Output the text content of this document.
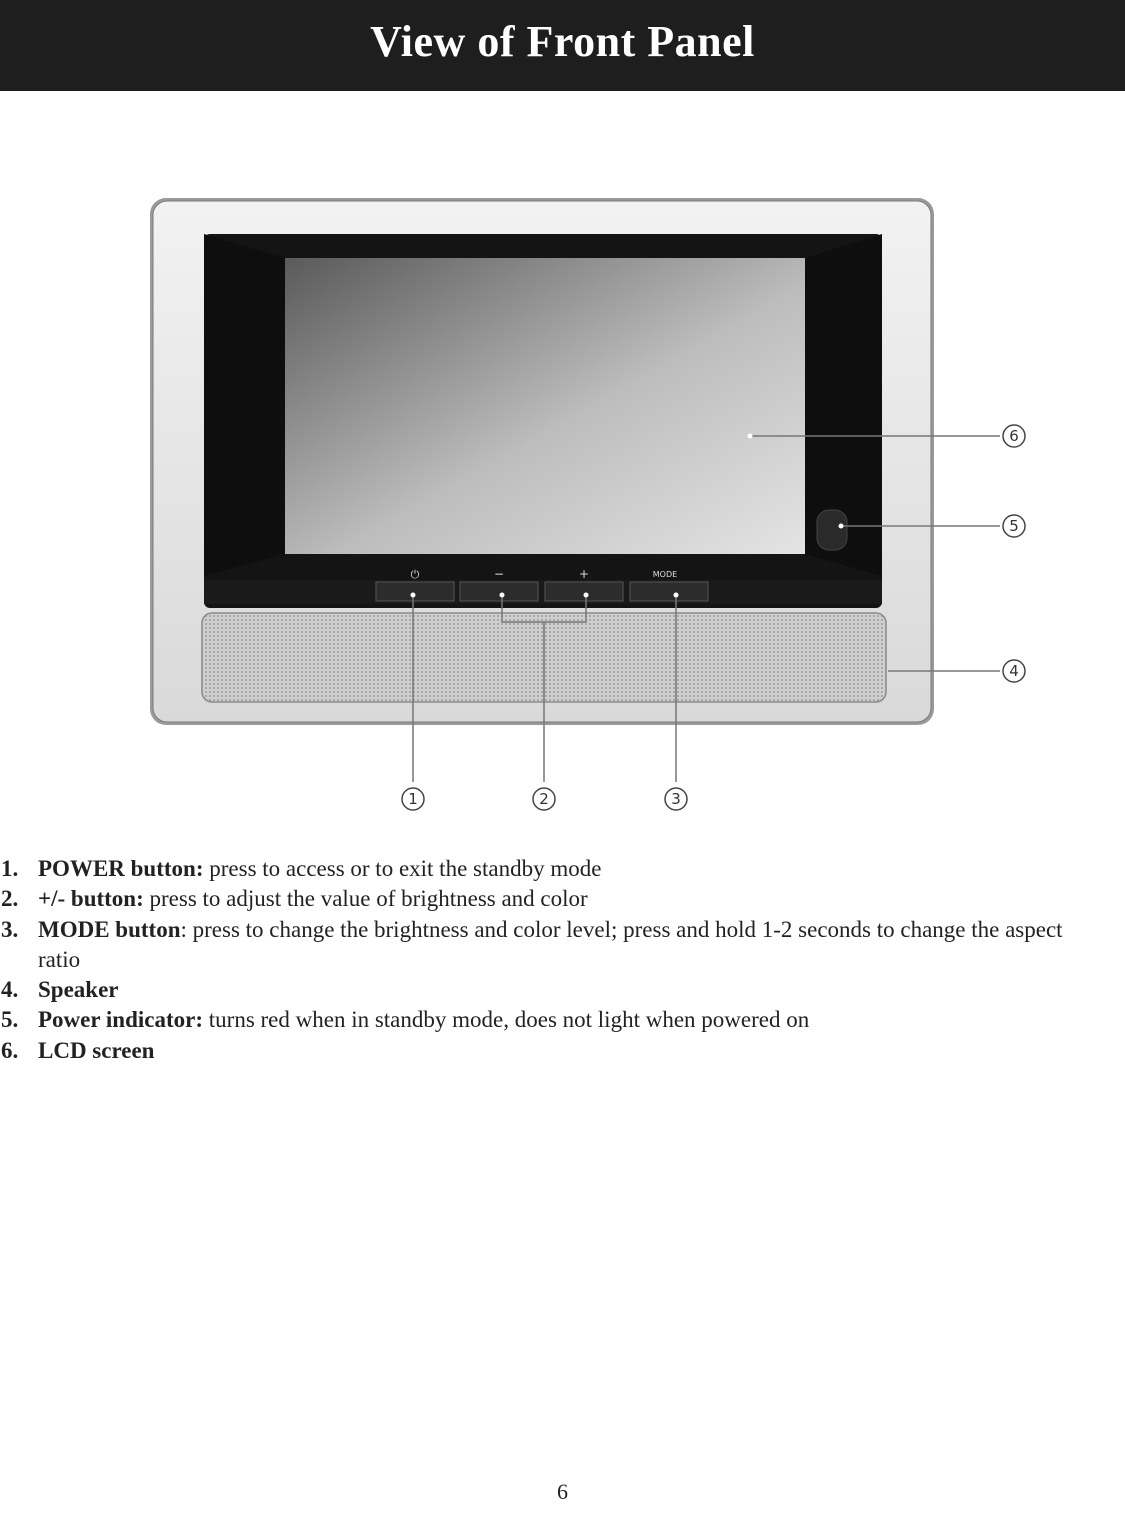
View of Front Panel
⏻	−	+	MODE
1	2	3
4
5
6
1. POWER button: press to access or to exit the standby mode
2. +/- button: press to adjust the value of brightness and color
3. MODE button: press to change the brightness and color level; press and hold 1-2 seconds to change the aspect ratio
4. Speaker
5. Power indicator: turns red when in standby mode, does not light when powered on
6. LCD screen
6
